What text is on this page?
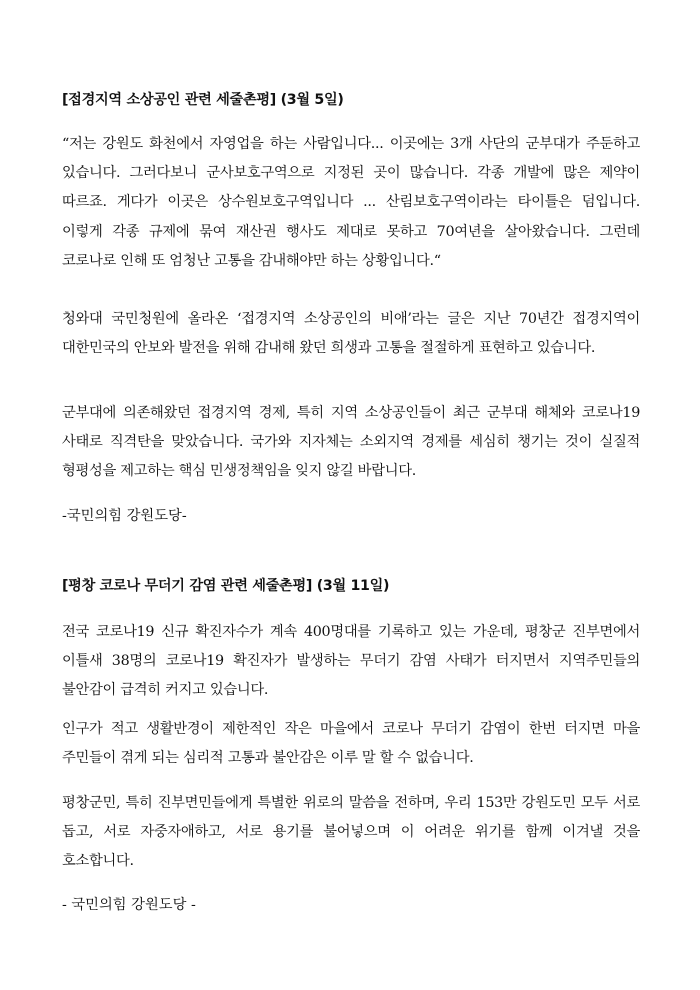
[접경지역 소상공인 관련 세줄촌평] (3월 5일)
“저는 강원도 화천에서 자영업을 하는 사람입니다... 이곳에는 3개 사단의 군부대가 주둔하고 있습니다. 그러다보니 군사보호구역으로 지정된 곳이 많습니다. 각종 개발에 많은 제약이 따르죠. 게다가 이곳은 상수원보호구역입니다 ... 산림보호구역이라는 타이틀은 덤입니다. 이렇게 각종 규제에 묶여 재산권 행사도 제대로 못하고 70여년을 살아왔습니다. 그런데 코로나로 인해 또 엄청난 고통을 감내해야만 하는 상황입니다.“
청와대 국민청원에 올라온 ‘접경지역 소상공인의 비애’라는 글은 지난 70년간 접경지역이 대한민국의 안보와 발전을 위해 감내해 왔던 희생과 고통을 절절하게 표현하고 있습니다.
군부대에 의존해왔던 접경지역 경제, 특히 지역 소상공인들이 최근 군부대 해체와 코로나19 사태로 직격탄을 맞았습니다. 국가와 지자체는 소외지역 경제를 세심히 챙기는 것이 실질적 형평성을 제고하는 핵심 민생정책임을 잊지 않길 바랍니다.
-국민의힘 강원도당-
[평창 코로나 무더기 감염 관련 세줄촌평] (3월 11일)
전국 코로나19 신규 확진자수가 계속 400명대를 기록하고 있는 가운데, 평창군 진부면에서 이틀새 38명의 코로나19 확진자가 발생하는 무더기 감염 사태가 터지면서 지역주민들의 불안감이 급격히 커지고 있습니다.
인구가 적고 생활반경이 제한적인 작은 마을에서 코로나 무더기 감염이 한번 터지면 마을 주민들이 겪게 되는 심리적 고통과 불안감은 이루 말 할 수 없습니다.
평창군민, 특히 진부면민들에게 특별한 위로의 말씀을 전하며, 우리 153만 강원도민 모두 서로 돕고, 서로 자중자애하고, 서로 용기를 불어넣으며 이 어려운 위기를 함께 이겨낼 것을 호소합니다.
- 국민의힘 강원도당 -
